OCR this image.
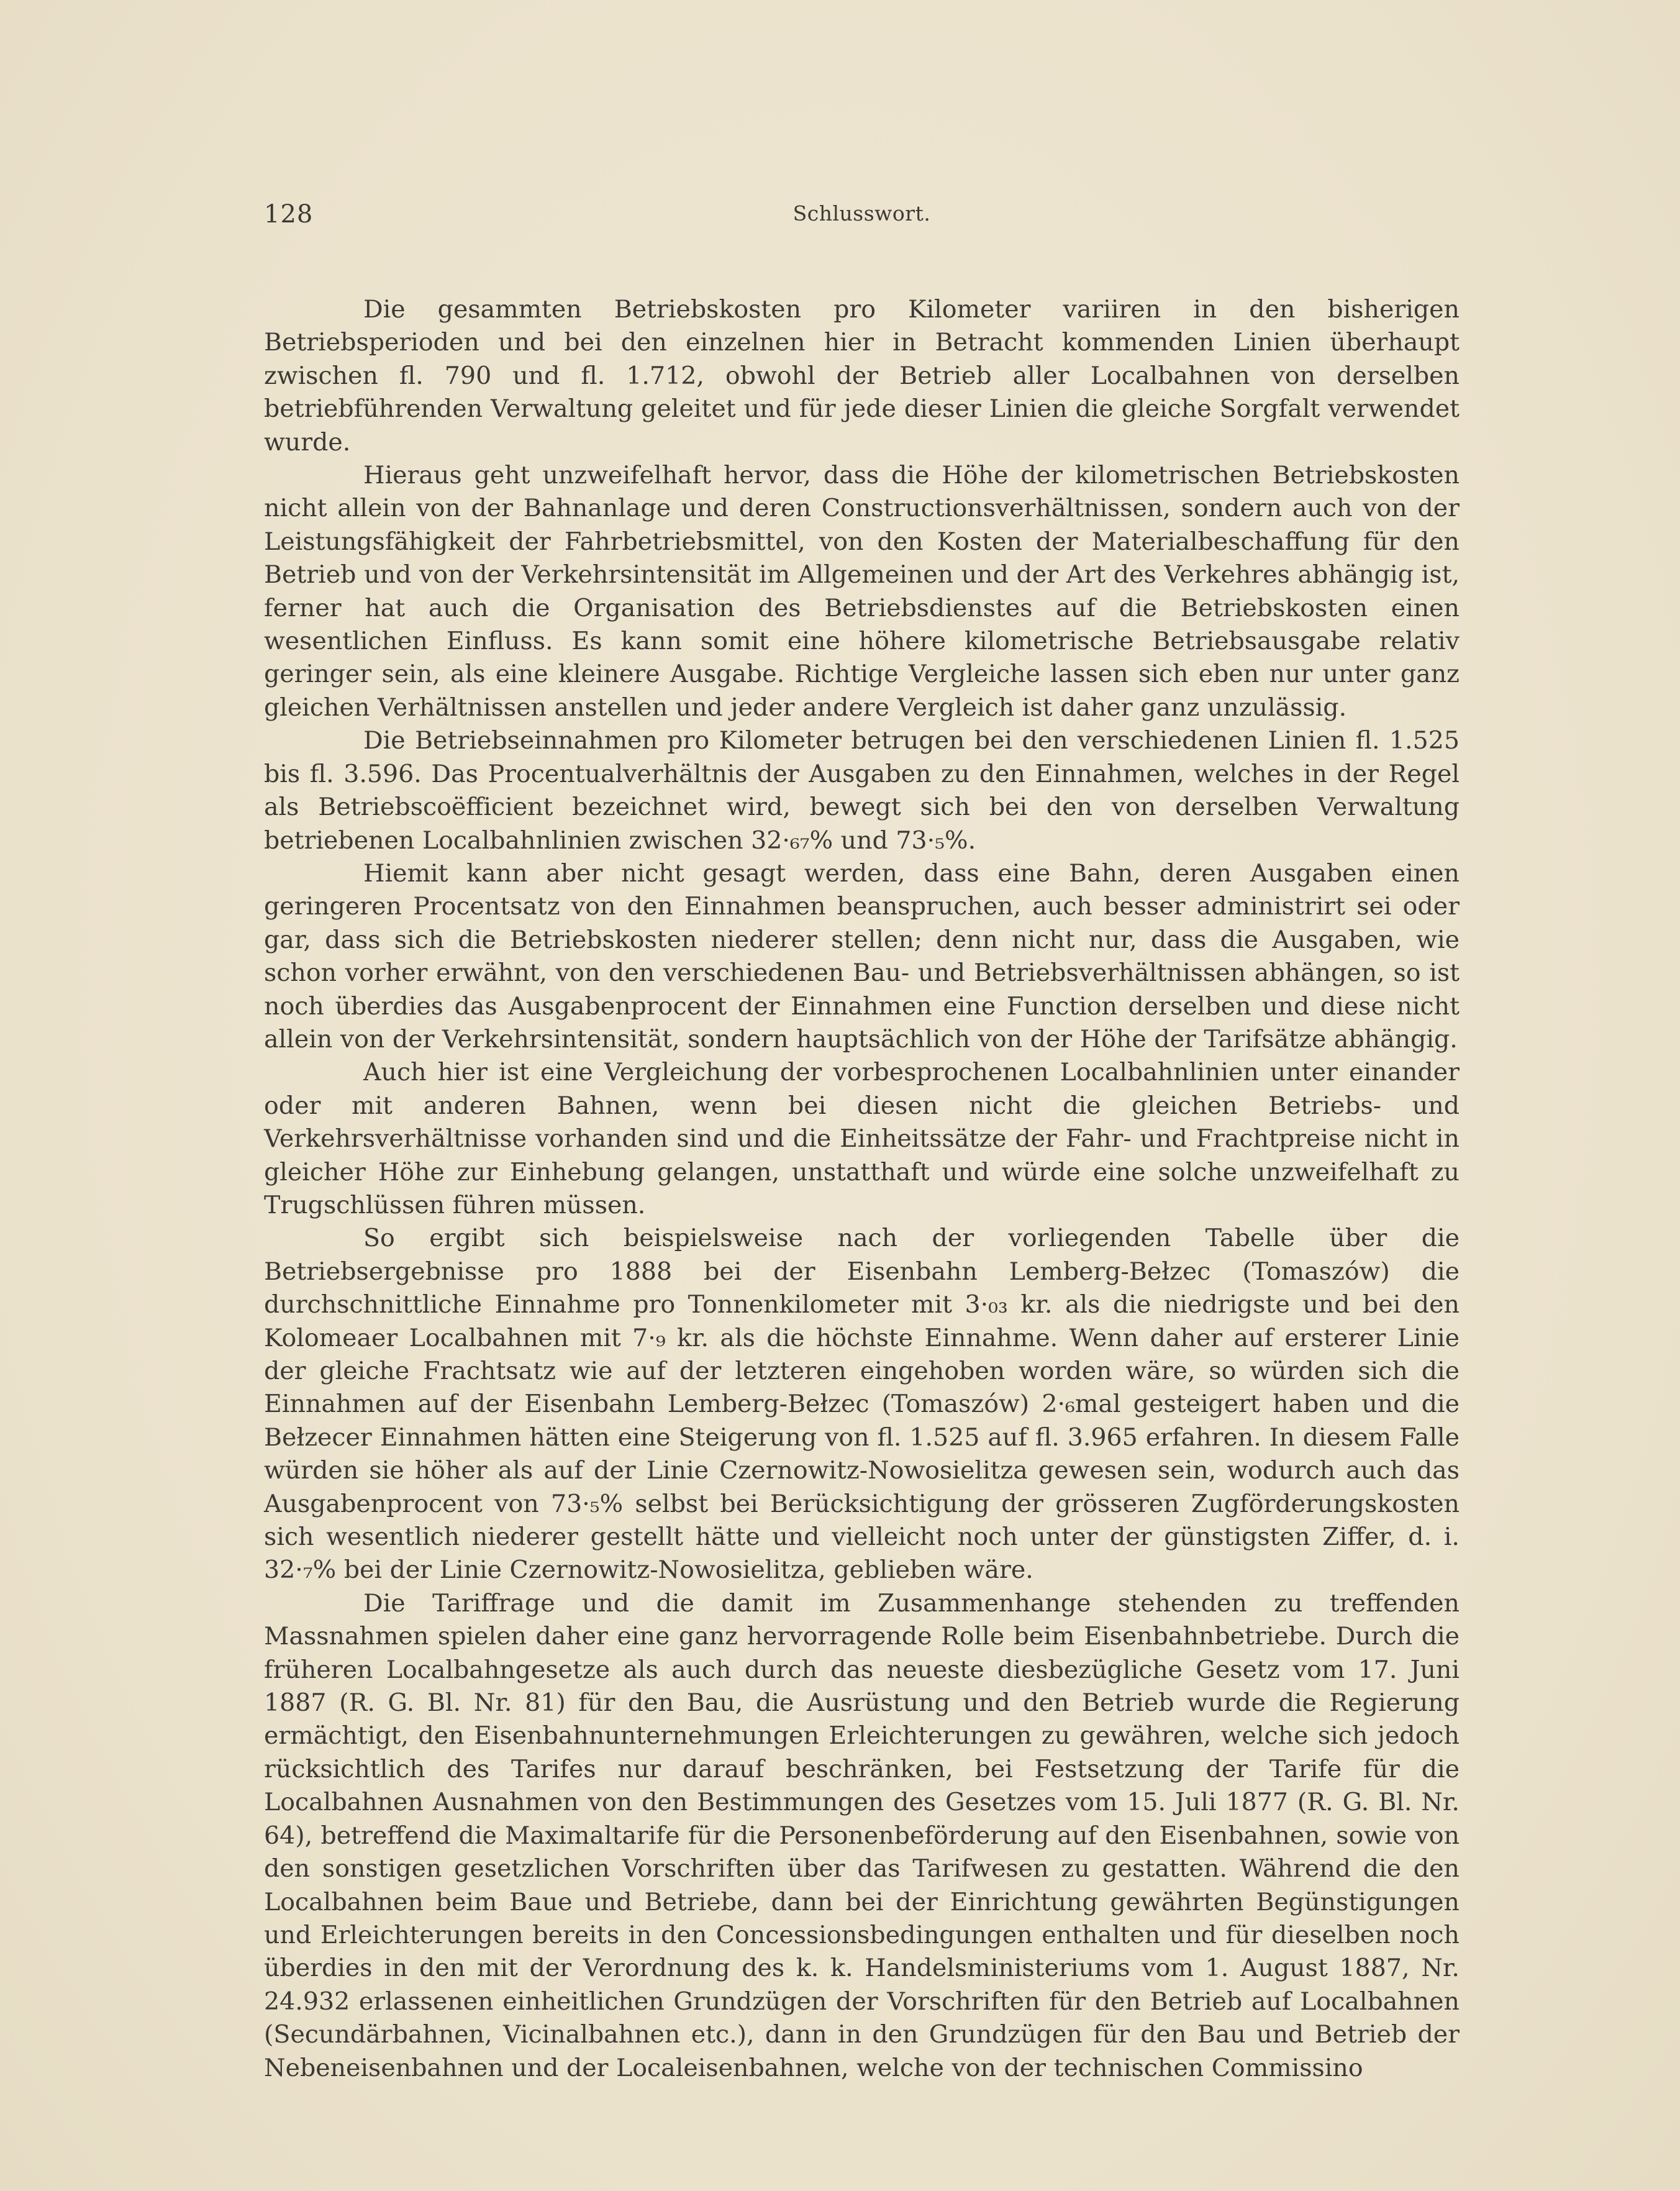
128	Schlusswort.

Die gesammten Betriebskosten pro Kilometer variiren in den bisherigen Betriebsperioden und bei den einzelnen hier in Betracht kommenden Linien überhaupt zwischen fl. 790 und fl. 1.712, obwohl der Betrieb aller Localbahnen von derselben betriebführenden Verwaltung geleitet und für jede dieser Linien die gleiche Sorgfalt verwendet wurde.

Hieraus geht unzweifelhaft hervor, dass die Höhe der kilometrischen Betriebskosten nicht allein von der Bahnanlage und deren Constructionsverhältnissen, sondern auch von der Leistungsfähigkeit der Fahrbetriebsmittel, von den Kosten der Materialbeschaffung für den Betrieb und von der Verkehrsintensität im Allgemeinen und der Art des Verkehres abhängig ist, ferner hat auch die Organisation des Betriebsdienstes auf die Betriebskosten einen wesentlichen Einfluss. Es kann somit eine höhere kilometrische Betriebsausgabe relativ geringer sein, als eine kleinere Ausgabe. Richtige Vergleiche lassen sich eben nur unter ganz gleichen Verhältnissen anstellen und jeder andere Vergleich ist daher ganz unzulässig.

Die Betriebseinnahmen pro Kilometer betrugen bei den verschiedenen Linien fl. 1.525 bis fl. 3.596. Das Procentualverhältnis der Ausgaben zu den Einnahmen, welches in der Regel als Betriebscoëfficient bezeichnet wird, bewegt sich bei den von derselben Verwaltung betriebenen Localbahnlinien zwischen 32·₆₇% und 73·₅%.

Hiemit kann aber nicht gesagt werden, dass eine Bahn, deren Ausgaben einen geringeren Procentsatz von den Einnahmen beanspruchen, auch besser administrirt sei oder gar, dass sich die Betriebskosten niederer stellen; denn nicht nur, dass die Ausgaben, wie schon vorher erwähnt, von den verschiedenen Bau- und Betriebsverhältnissen abhängen, so ist noch überdies das Ausgabenprocent der Einnahmen eine Function derselben und diese nicht allein von der Verkehrsintensität, sondern hauptsächlich von der Höhe der Tarifsätze abhängig.

Auch hier ist eine Vergleichung der vorbesprochenen Localbahnlinien unter einander oder mit anderen Bahnen, wenn bei diesen nicht die gleichen Betriebs- und Verkehrsverhältnisse vorhanden sind und die Einheitssätze der Fahr- und Frachtpreise nicht in gleicher Höhe zur Einhebung gelangen, unstatthaft und würde eine solche unzweifelhaft zu Trugschlüssen führen müssen.

So ergibt sich beispielsweise nach der vorliegenden Tabelle über die Betriebsergebnisse pro 1888 bei der Eisenbahn Lemberg-Bełzec (Tomaszów) die durchschnittliche Einnahme pro Tonnenkilometer mit 3·₀₃ kr. als die niedrigste und bei den Kolomeaer Localbahnen mit 7·₉ kr. als die höchste Einnahme. Wenn daher auf ersterer Linie der gleiche Frachtsatz wie auf der letzteren eingehoben worden wäre, so würden sich die Einnahmen auf der Eisenbahn Lemberg-Bełzec (Tomaszów) 2·₆mal gesteigert haben und die Bełzecer Einnahmen hätten eine Steigerung von fl. 1.525 auf fl. 3.965 erfahren. In diesem Falle würden sie höher als auf der Linie Czernowitz-Nowosielitza gewesen sein, wodurch auch das Ausgabenprocent von 73·₅% selbst bei Berücksichtigung der grösseren Zugförderungskosten sich wesentlich niederer gestellt hätte und vielleicht noch unter der günstigsten Ziffer, d. i. 32·₇% bei der Linie Czernowitz-Nowosielitza, geblieben wäre.

Die Tariffrage und die damit im Zusammenhange stehenden zu treffenden Massnahmen spielen daher eine ganz hervorragende Rolle beim Eisenbahnbetriebe. Durch die früheren Localbahngesetze als auch durch das neueste diesbezügliche Gesetz vom 17. Juni 1887 (R. G. Bl. Nr. 81) für den Bau, die Ausrüstung und den Betrieb wurde die Regierung ermächtigt, den Eisenbahnunternehmungen Erleichterungen zu gewähren, welche sich jedoch rücksichtlich des Tarifes nur darauf beschränken, bei Festsetzung der Tarife für die Localbahnen Ausnahmen von den Bestimmungen des Gesetzes vom 15. Juli 1877 (R. G. Bl. Nr. 64), betreffend die Maximaltarife für die Personenbeförderung auf den Eisenbahnen, sowie von den sonstigen gesetzlichen Vorschriften über das Tarifwesen zu gestatten. Während die den Localbahnen beim Baue und Betriebe, dann bei der Einrichtung gewährten Begünstigungen und Erleichterungen bereits in den Concessionsbedingungen enthalten und für dieselben noch überdies in den mit der Verordnung des k. k. Handelsministeriums vom 1. August 1887, Nr. 24.932 erlassenen einheitlichen Grundzügen der Vorschriften für den Betrieb auf Localbahnen (Secundärbahnen, Vicinalbahnen etc.), dann in den Grundzügen für den Bau und Betrieb der Nebeneisenbahnen und der Localeisenbahnen, welche von der technischen Commissino
